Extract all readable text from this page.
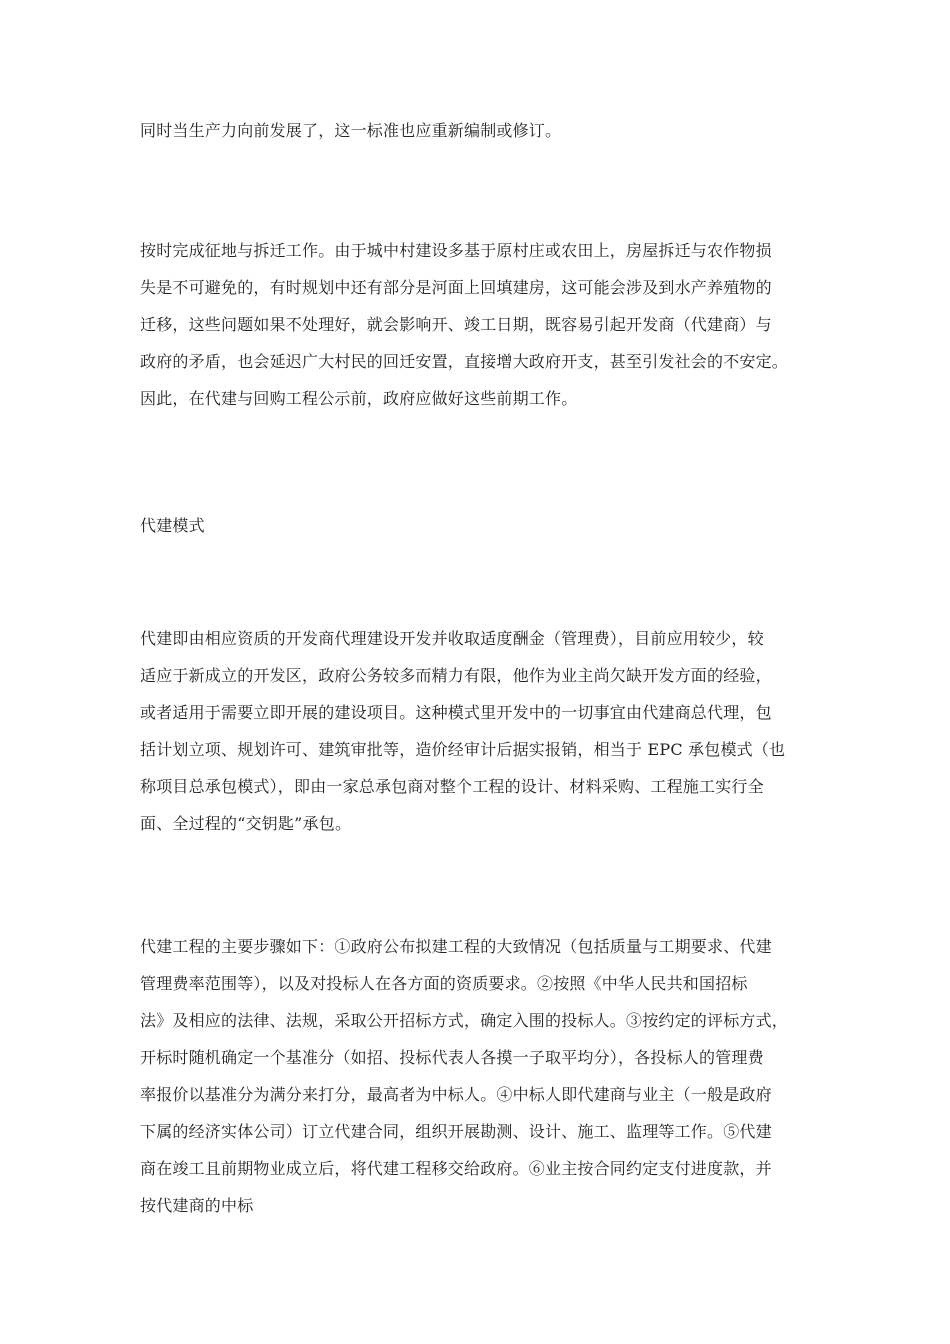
同时当生产力向前发展了，这一标准也应重新编制或修订。
按时完成征地与拆迁工作。由于城中村建设多基于原村庄或农田上，房屋拆迁与农作物损
失是不可避免的，有时规划中还有部分是河面上回填建房，这可能会涉及到水产养殖物的
迁移，这些问题如果不处理好，就会影响开、竣工日期，既容易引起开发商（代建商）与
政府的矛盾，也会延迟广大村民的回迁安置，直接增大政府开支，甚至引发社会的不安定。
因此，在代建与回购工程公示前，政府应做好这些前期工作。
代建模式
代建即由相应资质的开发商代理建设开发并收取适度酬金（管理费），目前应用较少，较
适应于新成立的开发区，政府公务较多而精力有限，他作为业主尚欠缺开发方面的经验，
或者适用于需要立即开展的建设项目。这种模式里开发中的一切事宜由代建商总代理，包
括计划立项、规划许可、建筑审批等，造价经审计后据实报销，相当于 EPC 承包模式（也
称项目总承包模式），即由一家总承包商对整个工程的设计、材料采购、工程施工实行全
面、全过程的“交钥匙”承包。
代建工程的主要步骤如下：①政府公布拟建工程的大致情况（包括质量与工期要求、代建
管理费率范围等），以及对投标人在各方面的资质要求。②按照《中华人民共和国招标
法》及相应的法律、法规，采取公开招标方式，确定入围的投标人。③按约定的评标方式，
开标时随机确定一个基准分（如招、投标代表人各摸一子取平均分），各投标人的管理费
率报价以基准分为满分来打分，最高者为中标人。④中标人即代建商与业主（一般是政府
下属的经济实体公司）订立代建合同，组织开展勘测、设计、施工、监理等工作。⑤代建
商在竣工且前期物业成立后，将代建工程移交给政府。⑥业主按合同约定支付进度款，并
按代建商的中标
